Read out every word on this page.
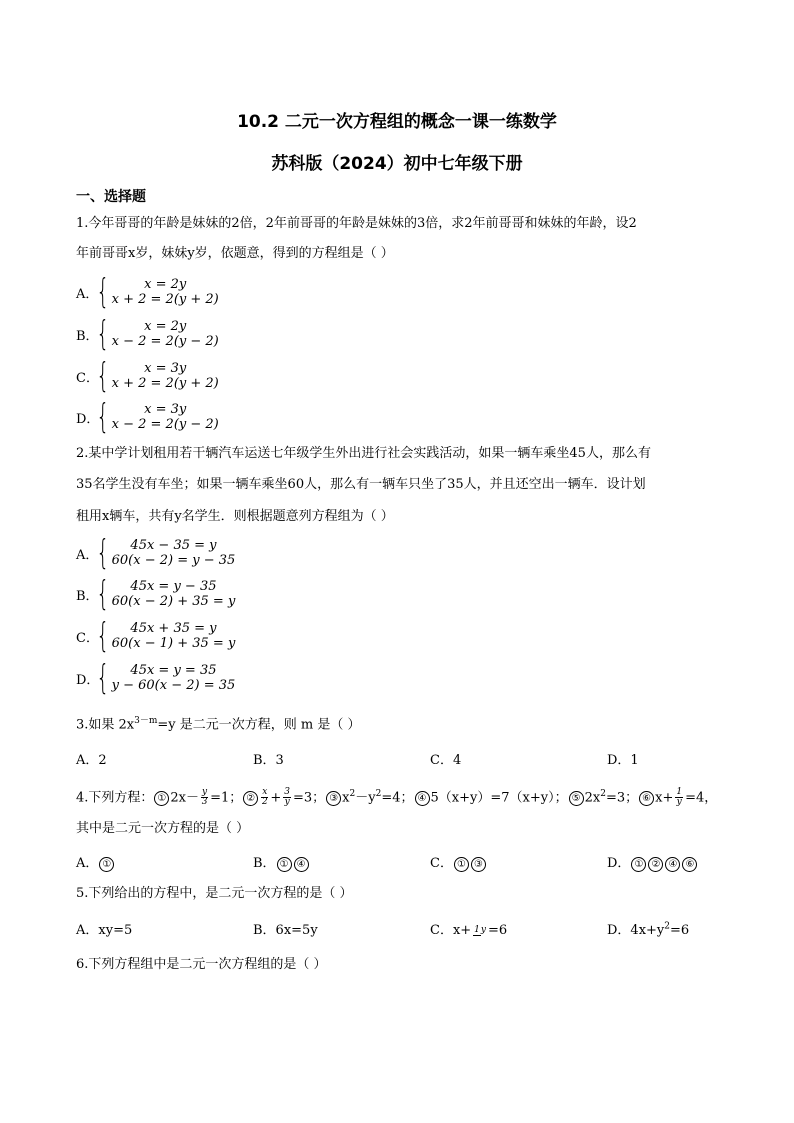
10.2 二元一次方程组的概念一课一练数学
苏科版（2024）初中七年级下册
一、选择题
1.今年哥哥的年龄是妹妹的2倍，2年前哥哥的年龄是妹妹的3倍，求2年前哥哥和妹妹的年龄，设2
年前哥哥x岁，妹妹y岁，依题意，得到的方程组是（ ）
A．
{	x = 2y
x + 2 = 2(y + 2)
B．
{	x = 2y
x − 2 = 2(y − 2)
C．
{	x = 3y
x + 2 = 2(y + 2)
D．
{	x = 3y
x − 2 = 2(y − 2)
2.某中学计划租用若干辆汽车运送七年级学生外出进行社会实践活动，如果一辆车乘坐45人，那么有
35名学生没有车坐；如果一辆车乘坐60人，那么有一辆车只坐了35人，并且还空出一辆车．设计划
租用x辆车，共有y名学生．则根据题意列方程组为（ ）
A．
{	45x − 35 = y
60(x − 2) = y − 35
B．
{	45x = y − 35
60(x − 2) + 35 = y
C．
{	45x + 35 = y
60(x − 1) + 35 = y
D．
{	45x = y = 35
y − 60(x − 2) = 35
3.如果 $2x^{3-m}=y$ 是二元一次方程，则 m 是（ ）
A．2	B．3	C．4	D．1
4.下列方程： ① $2x- \frac{y}{3} =1$； ② $\frac{x}{2} + \frac{3}{y} =3$； ③ $x^2-y^2=4$； ④ 5（x+y）=7（x+y）； ⑤ $2x^2=3$； ⑥ $x+ \frac{1}{y} =4$，
其中是二元一次方程的是（ ）
A． ①	B． ① ④	C． ① ③	D． ① ② ④ ⑥
5.下列给出的方程中，是二元一次方程的是（ ）
A．xy=5	B．6x=5y	C．x+ 1y =6	D．$4x+y^2=6$
6.下列方程组中是二元一次方程组的是（ ）
